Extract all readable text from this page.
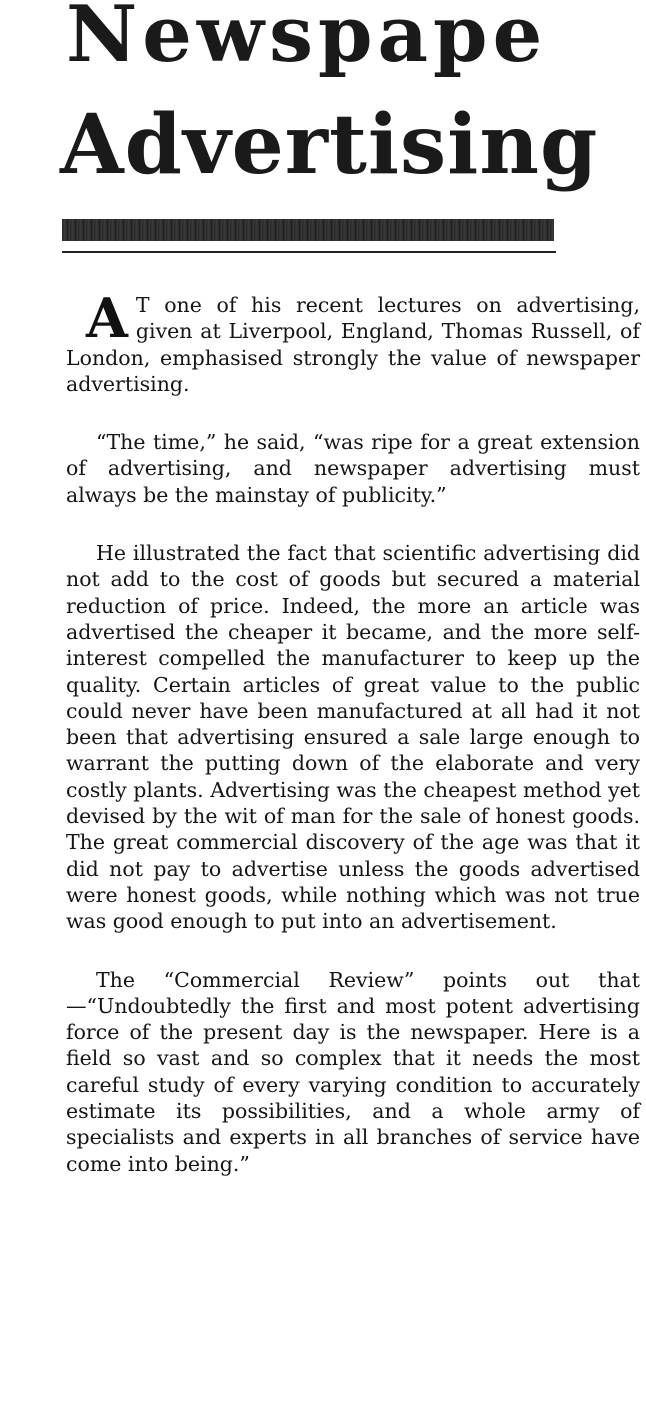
Newspape
Advertising

A T one of his recent lectures on advertising, given at Liverpool, England, Thomas Russell, of London, emphasised strongly the value of newspaper advertising.

“The time,” he said, “was ripe for a great extension of advertising, and newspaper advertising must always be the mainstay of publicity.”

He illustrated the fact that scientific advertising did not add to the cost of goods but secured a material reduction of price. Indeed, the more an article was advertised the cheaper it became, and the more self-interest compelled the manufacturer to keep up the quality. Certain articles of great value to the public could never have been manufactured at all had it not been that advertising ensured a sale large enough to warrant the putting down of the elaborate and very costly plants. Advertising was the cheapest method yet devised by the wit of man for the sale of honest goods. The great commercial discovery of the age was that it did not pay to advertise unless the goods advertised were honest goods, while nothing which was not true was good enough to put into an advertisement.

The “Commercial Review” points out that—“Undoubtedly the first and most potent advertising force of the present day is the newspaper. Here is a field so vast and so complex that it needs the most careful study of every varying condition to accurately estimate its possibilities, and a whole army of specialists and experts in all branches of service have come into being.”
